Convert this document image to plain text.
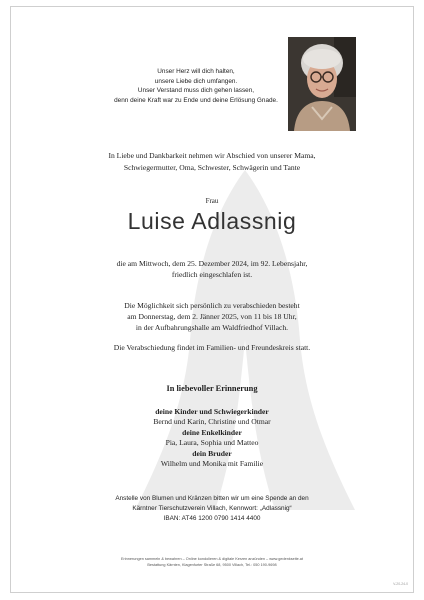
Unser Herz will dich halten,
unsere Liebe dich umfangen.
Unser Verstand muss dich gehen lassen,
denn deine Kraft war zu Ende und deine Erlösung Gnade.
In Liebe und Dankbarkeit nehmen wir Abschied von unserer Mama,
Schwiegermutter, Oma, Schwester, Schwägerin und Tante
Frau
Luise Adlassnig
die am Mittwoch, dem 25. Dezember 2024, im 92. Lebensjahr,
friedlich eingeschlafen ist.
Die Möglichkeit sich persönlich zu verabschieden besteht
am Donnerstag, dem 2. Jänner 2025, von 11 bis 18 Uhr,
in der Aufbahrungshalle am Waldfriedhof Villach.
Die Verabschiedung findet im Familien- und Freundeskreis statt.
In liebevoller Erinnerung
deine Kinder und Schwiegerkinder
Bernd und Karin, Christine und Otmar
deine Enkelkinder
Pia, Laura, Sophia und Matteo
dein Bruder
Wilhelm und Monika mit Familie
Anstelle von Blumen und Kränzen bitten wir um eine Spende an den
Kärntner Tierschutzverein Villach, Kennwort: „Adlassnig“
IBAN: AT46 1200 0790 1414 4400
Erinnerungen sammeln & bewahren – Online kondolieren & digitale Kerzen anzünden – www.gedenkseite.at
Bestattung Kärnten, Klagenfurter Straße 68, 9500 Villach, Tel.: 050 190-9698
V-20-24-0
